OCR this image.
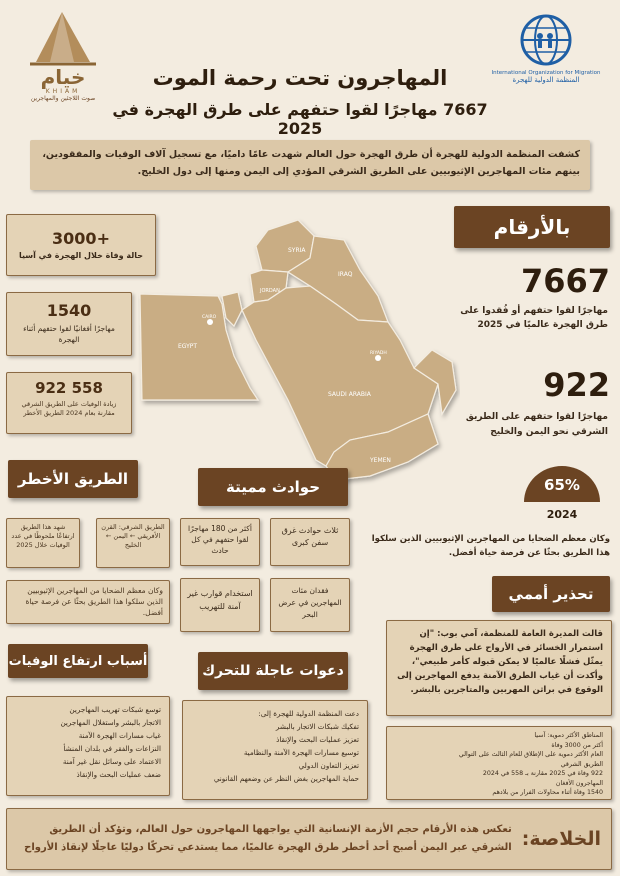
خيام
KHIAM
صوت اللاجئين والمهاجرين
International Organization for Migration
المنظمة الدولية للهجرة
المهاجرون تحت رحمة الموت
7667 مهاجرًا لقوا حتفهم على طرق الهجرة في 2025
كشفت المنظمة الدولية للهجرة أن طرق الهجرة حول العالم شهدت عامًا داميًا، مع تسجيل آلاف الوفيات والمفقودين، بينهم مئات المهاجرين الإثيوبيين على الطريق الشرقي المؤدي إلى اليمن ومنها إلى دول الخليج.
3000+
حالة وفاة خلال الهجرة في آسيا
1540
مهاجرًا أفغانيًا لقوا حتفهم أثناء الهجرة
922 558
زيادة الوفيات على الطريق الشرقي مقارنة بعام 2024 الطريق الأخطر
SYRIA
IRAQ
JORDAN
EGYPT
CAIRO
SAUDI ARABIA
RIYADH
YEMEN
بالأرقام
7667
مهاجرًا لقوا حتفهم أو فُقدوا على طرق الهجرة عالميًا في 2025
922
مهاجرًا لقوا حتفهم على الطريق الشرقي نحو اليمن والخليج
65%
2024
وكان معظم الضحايا من المهاجرين الإثيوبيين الذين سلكوا هذا الطريق بحثًا عن فرصة حياة أفضل.
الطريق الأخطر
شهد هذا الطريق ارتفاعًا ملحوظًا في عدد الوفيات خلال 2025
الطريق الشرقي: القرن الأفريقي ← اليمن ← الخليج
وكان معظم الضحايا من المهاجرين الإثيوبيين الذين سلكوا هذا الطريق بحثًا عن فرصة حياة أفضل.
حوادث مميتة
ثلاث حوادث غرق سفن كبرى
أكثر من 180 مهاجرًا لقوا حتفهم في كل حادث
فقدان مئات المهاجرين في عرض البحر
استخدام قوارب غير آمنة للتهريب
تحذير أممي
قالت المديرة العامة للمنظمة، آمي بوب: "إن استمرار الخسائر في الأرواح على طرق الهجرة يمثّل فشلًا عالميًا لا يمكن قبوله كأمر طبيعي"، وأكدت أن غياب الطرق الآمنة يدفع المهاجرين إلى الوقوع في براثن المهربين والمتاجرين بالبشر.
أسباب ارتفاع الوفيات
توسع شبكات تهريب المهاجرين
الاتجار بالبشر واستغلال المهاجرين
غياب مسارات الهجرة الآمنة
النزاعات والفقر في بلدان المنشأ
الاعتماد على وسائل نقل غير آمنة
ضعف عمليات البحث والإنقاذ
دعوات عاجلة للتحرك
دعت المنظمة الدولية للهجرة إلى:
تفكيك شبكات الاتجار بالبشر
تعزيز عمليات البحث والإنقاذ
توسيع مسارات الهجرة الآمنة والنظامية
تعزيز التعاون الدولي
حماية المهاجرين بغض النظر عن وضعهم القانوني
المناطق الأكثر دموية: آسيا
أكثر من 3000 وفاة
العام الأكثر دموية على الإطلاق للعام الثالث على التوالي
الطريق الشرقي
922 وفاة في 2025 مقارنة بـ 558 في 2024
المهاجرون الأفغان
1540 وفاة أثناء محاولات الفرار من بلادهم
الخلاصة:
تعكس هذه الأرقام حجم الأزمة الإنسانية التي يواجهها المهاجرون حول العالم، وتؤكد أن الطريق الشرقي عبر اليمن أصبح أحد أخطر طرق الهجرة عالميًا، مما يستدعي تحركًا دوليًا عاجلًا لإنقاذ الأرواح
